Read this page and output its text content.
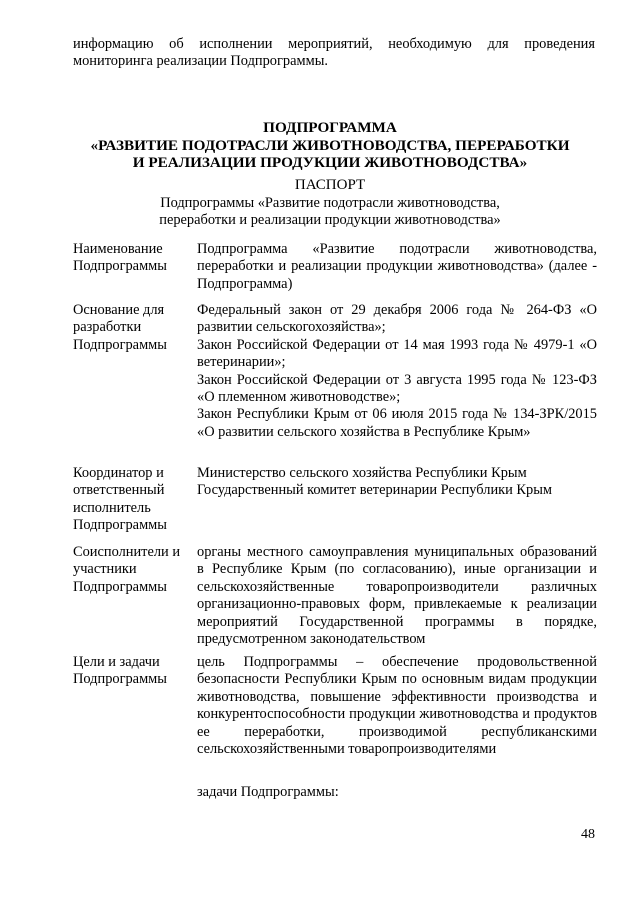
информацию об исполнении мероприятий, необходимую для проведения мониторинга реализации Подпрограммы.
ПОДПРОГРАММА
«РАЗВИТИЕ ПОДОТРАСЛИ ЖИВОТНОВОДСТВА, ПЕРЕРАБОТКИ
И РЕАЛИЗАЦИИ ПРОДУКЦИИ ЖИВОТНОВОДСТВА»
ПАСПОРТ
Подпрограммы «Развитие подотрасли животноводства,
переработки и реализации продукции животноводства»
Наименование
Подпрограммы

Подпрограмма «Развитие подотрасли животноводства, переработки и реализации продукции животноводства» (далее - Подпрограмма)

Основание для
разработки
Подпрограммы

Федеральный закон от 29 декабря 2006 года № 264-ФЗ «О развитии сельскогохозяйства»;

Закон Российской Федерации от 14 мая 1993 года № 4979-1 «О ветеринарии»;

Закон Российской Федерации от 3 августа 1995 года № 123-ФЗ «О племенном животноводстве»;

Закон Республики Крым от 06 июля 2015 года № 134-ЗРК/2015 «О развитии сельского хозяйства в Республике Крым»

Координатор и
ответственный
исполнитель
Подпрограммы

Министерство сельского хозяйства Республики Крым

Государственный комитет ветеринарии Республики Крым

Соисполнители и
участники
Подпрограммы

органы местного самоуправления муниципальных образований в Республике Крым (по согласованию), иные организации и сельскохозяйственные товаропроизводители различных организационно-правовых форм, привлекаемые к реализации мероприятий Государственной программы в порядке, предусмотренном законодательством

Цели и задачи
Подпрограммы

цель Подпрограммы – обеспечение продовольственной безопасности Республики Крым по основным видам продукции животноводства, повышение эффективности производства и конкурентоспособности продукции животноводства и продуктов ее переработки, производимой республиканскими сельскохозяйственными товаропроизводителями

задачи Подпрограммы:

48
